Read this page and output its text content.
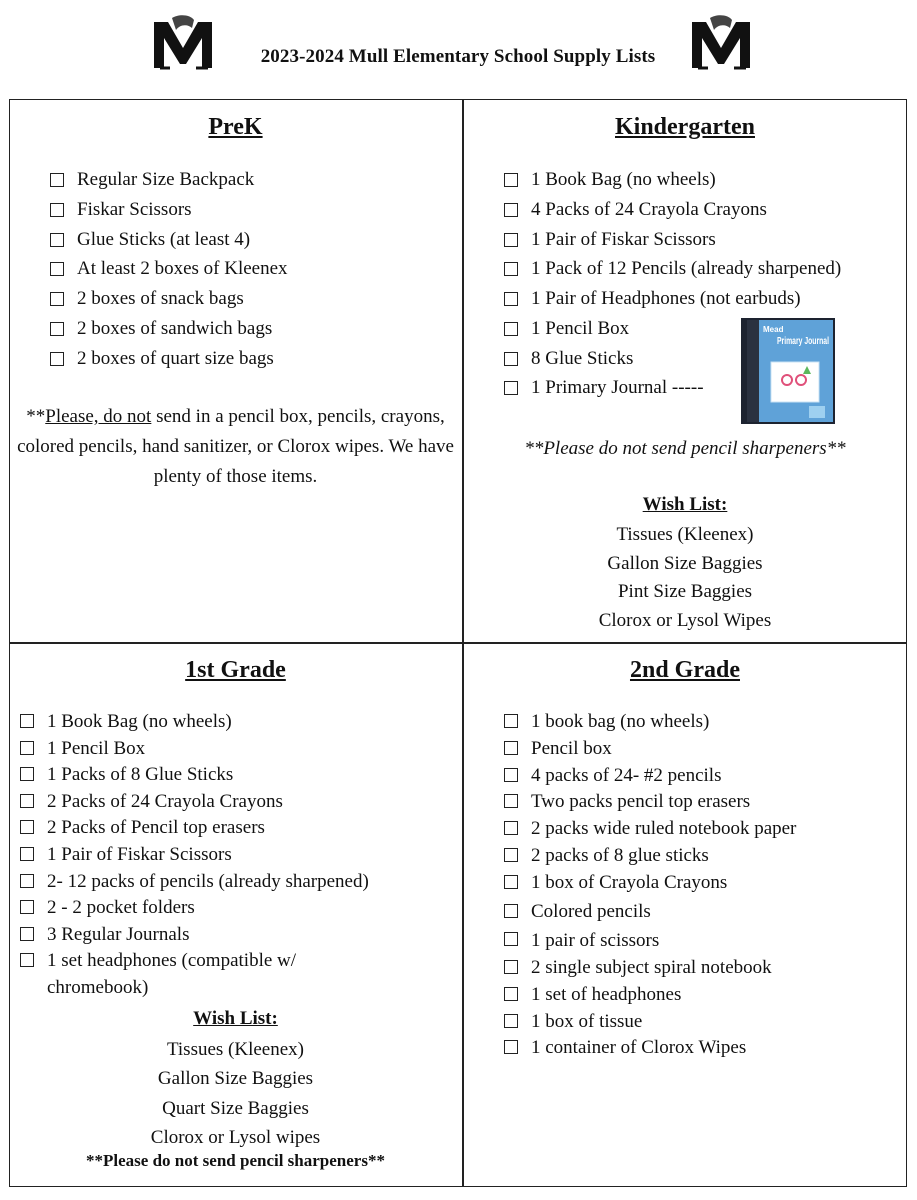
2023-2024 Mull Elementary School Supply Lists
PreK
Regular Size Backpack
Fiskar Scissors
Glue Sticks (at least 4)
At least 2 boxes of Kleenex
2 boxes of snack bags
2 boxes of sandwich bags
2 boxes of quart size bags
**Please, do not send in a pencil box, pencils, crayons, colored pencils, hand sanitizer, or Clorox wipes. We have plenty of those items.
Kindergarten
1 Book Bag (no wheels)
4 Packs of 24 Crayola Crayons
1 Pair of Fiskar Scissors
1 Pack of 12 Pencils (already sharpened)
1 Pair of Headphones (not earbuds)
1 Pencil Box
8 Glue Sticks
1 Primary Journal -----
**Please do not send pencil sharpeners**
Wish List:
Tissues (Kleenex)
Gallon Size Baggies
Pint Size Baggies
Clorox or Lysol Wipes
Mead
Primary Journal
1st Grade
1 Book Bag (no wheels)
1 Pencil Box
1 Packs of 8 Glue Sticks
2 Packs of 24 Crayola Crayons
2 Packs of Pencil top erasers
1 Pair of Fiskar Scissors
2- 12 packs of pencils (already sharpened)
2 - 2 pocket folders
3 Regular Journals
1 set headphones (compatible w/ chromebook)
Wish List:
Tissues (Kleenex)
Gallon Size Baggies
Quart Size Baggies
Clorox or Lysol wipes
**Please do not send pencil sharpeners**
2nd Grade
1 book bag (no wheels)
Pencil box
4 packs of 24- #2 pencils
Two packs pencil top erasers
2 packs wide ruled notebook paper
2 packs of 8 glue sticks
1 box of Crayola Crayons
Colored pencils
1 pair of scissors
2 single subject spiral notebook
1 set of headphones
1 box of tissue
1 container of Clorox Wipes
